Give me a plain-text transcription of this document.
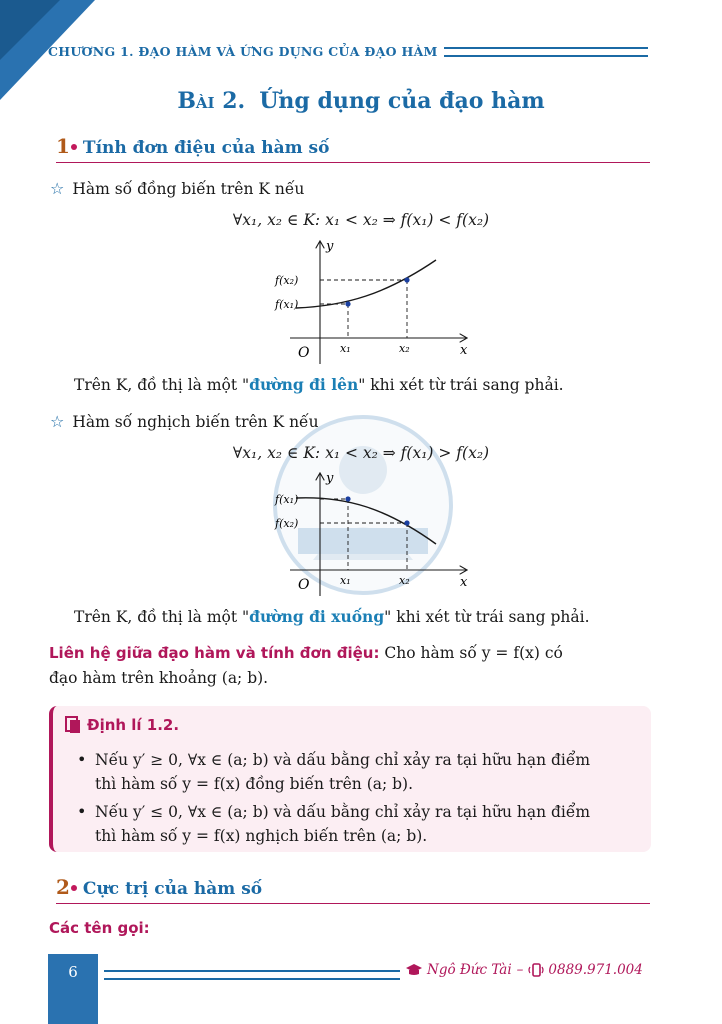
CHƯƠNG 1. ĐẠO HÀM VÀ ỨNG DỤNG CỦA ĐẠO HÀM
Bài 2. Ứng dụng của đạo hàm
1 Tính đơn điệu của hàm số
☆ Hàm số đồng biến trên K nếu
∀x₁, x₂ ∈ K: x₁ < x₂ ⇒ f(x₁) < f(x₂)
y
x
O	x₁	x₂
f(x₂)
f(x₁)
Trên K, đồ thị là một "đường đi lên" khi xét từ trái sang phải.
☆ Hàm số nghịch biến trên K nếu
∀x₁, x₂ ∈ K: x₁ < x₂ ⇒ f(x₁) > f(x₂)
y
x
O	x₁	x₂
f(x₁)
f(x₂)
Trên K, đồ thị là một "đường đi xuống" khi xét từ trái sang phải.
Liên hệ giữa đạo hàm và tính đơn điệu: Cho hàm số y = f(x) có
đạo hàm trên khoảng (a; b).
Định lí 1.2.
• Nếu y′ ≥ 0, ∀x ∈ (a; b) và dấu bằng chỉ xảy ra tại hữu hạn điểm
thì hàm số y = f(x) đồng biến trên (a; b).
• Nếu y′ ≤ 0, ∀x ∈ (a; b) và dấu bằng chỉ xảy ra tại hữu hạn điểm
thì hàm số y = f(x) nghịch biến trên (a; b).
2 Cực trị của hàm số
Các tên gọi:
6	Ngô Đức Tài – 0889.971.004
